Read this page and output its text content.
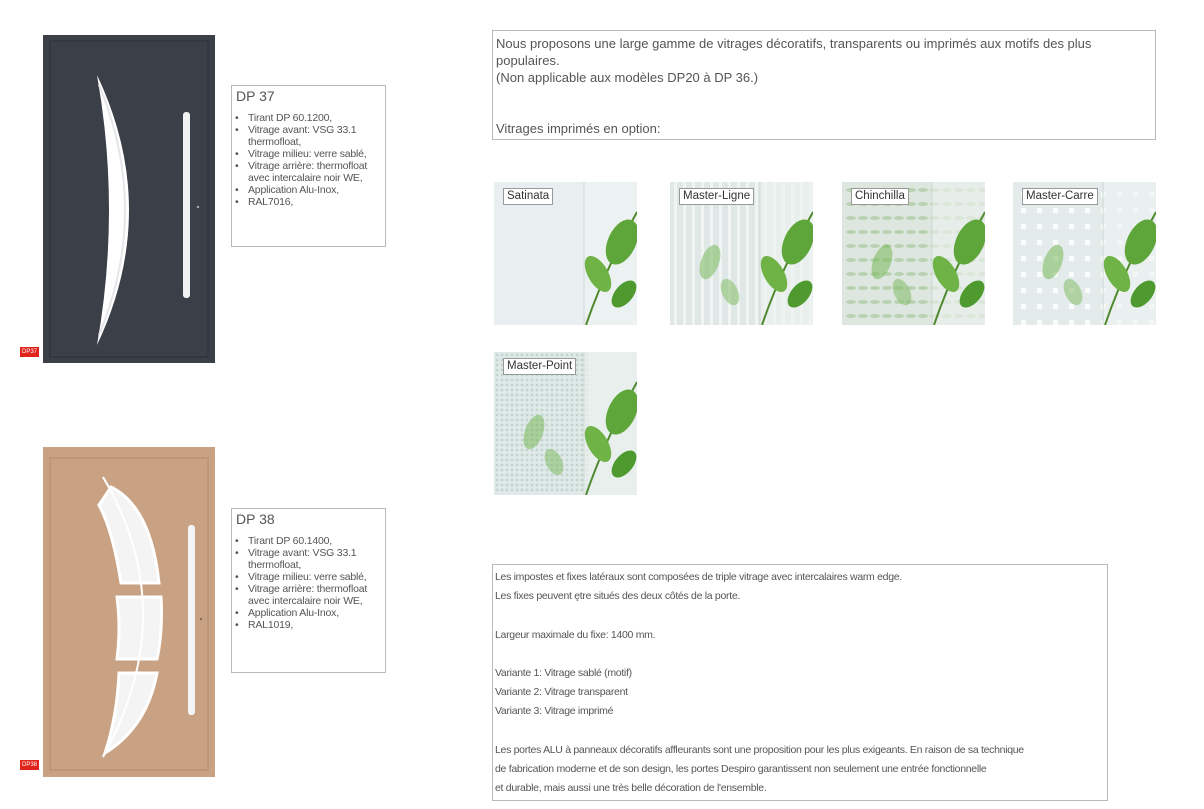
DP37
DP 37
• Tirant DP 60.1200,
• Vitrage avant: VSG 33.1 thermofloat,
• Vitrage milieu: verre sablé,
• Vitrage arrière: thermofloat avec intercalaire noir WE,
• Application Alu-Inox,
• RAL7016,
DP38
DP 38
• Tirant DP 60.1400,
• Vitrage avant: VSG 33.1 thermofloat,
• Vitrage milieu: verre sablé,
• Vitrage arrière: thermofloat avec intercalaire noir WE,
• Application Alu-Inox,
• RAL1019,

Nous proposons une large gamme de vitrages décoratifs, transparents ou imprimés aux motifs des plus populaires.

(Non applicable aux modèles DP20 à DP 36.)

Vitrages imprimés en option:
Satinata	Master-Ligne	Chinchilla	Master-Carre
Master-Point

Les impostes et fixes latéraux sont composées de triple vitrage avec intercalaires warm edge.

Les fixes peuvent ętre situés des deux côtés de la porte.

Largeur maximale du fixe: 1400 mm.

Variante 1: Vitrage sablé (motif)

Variante 2: Vitrage transparent

Variante 3: Vitrage imprimé

Les portes ALU à panneaux décoratifs affleurants sont une proposition pour les plus exigeants. En raison de sa technique

de fabrication moderne et de son design, les portes Despiro garantissent non seulement une entrée fonctionnelle

et durable, mais aussi une très belle décoration de l'ensemble.
